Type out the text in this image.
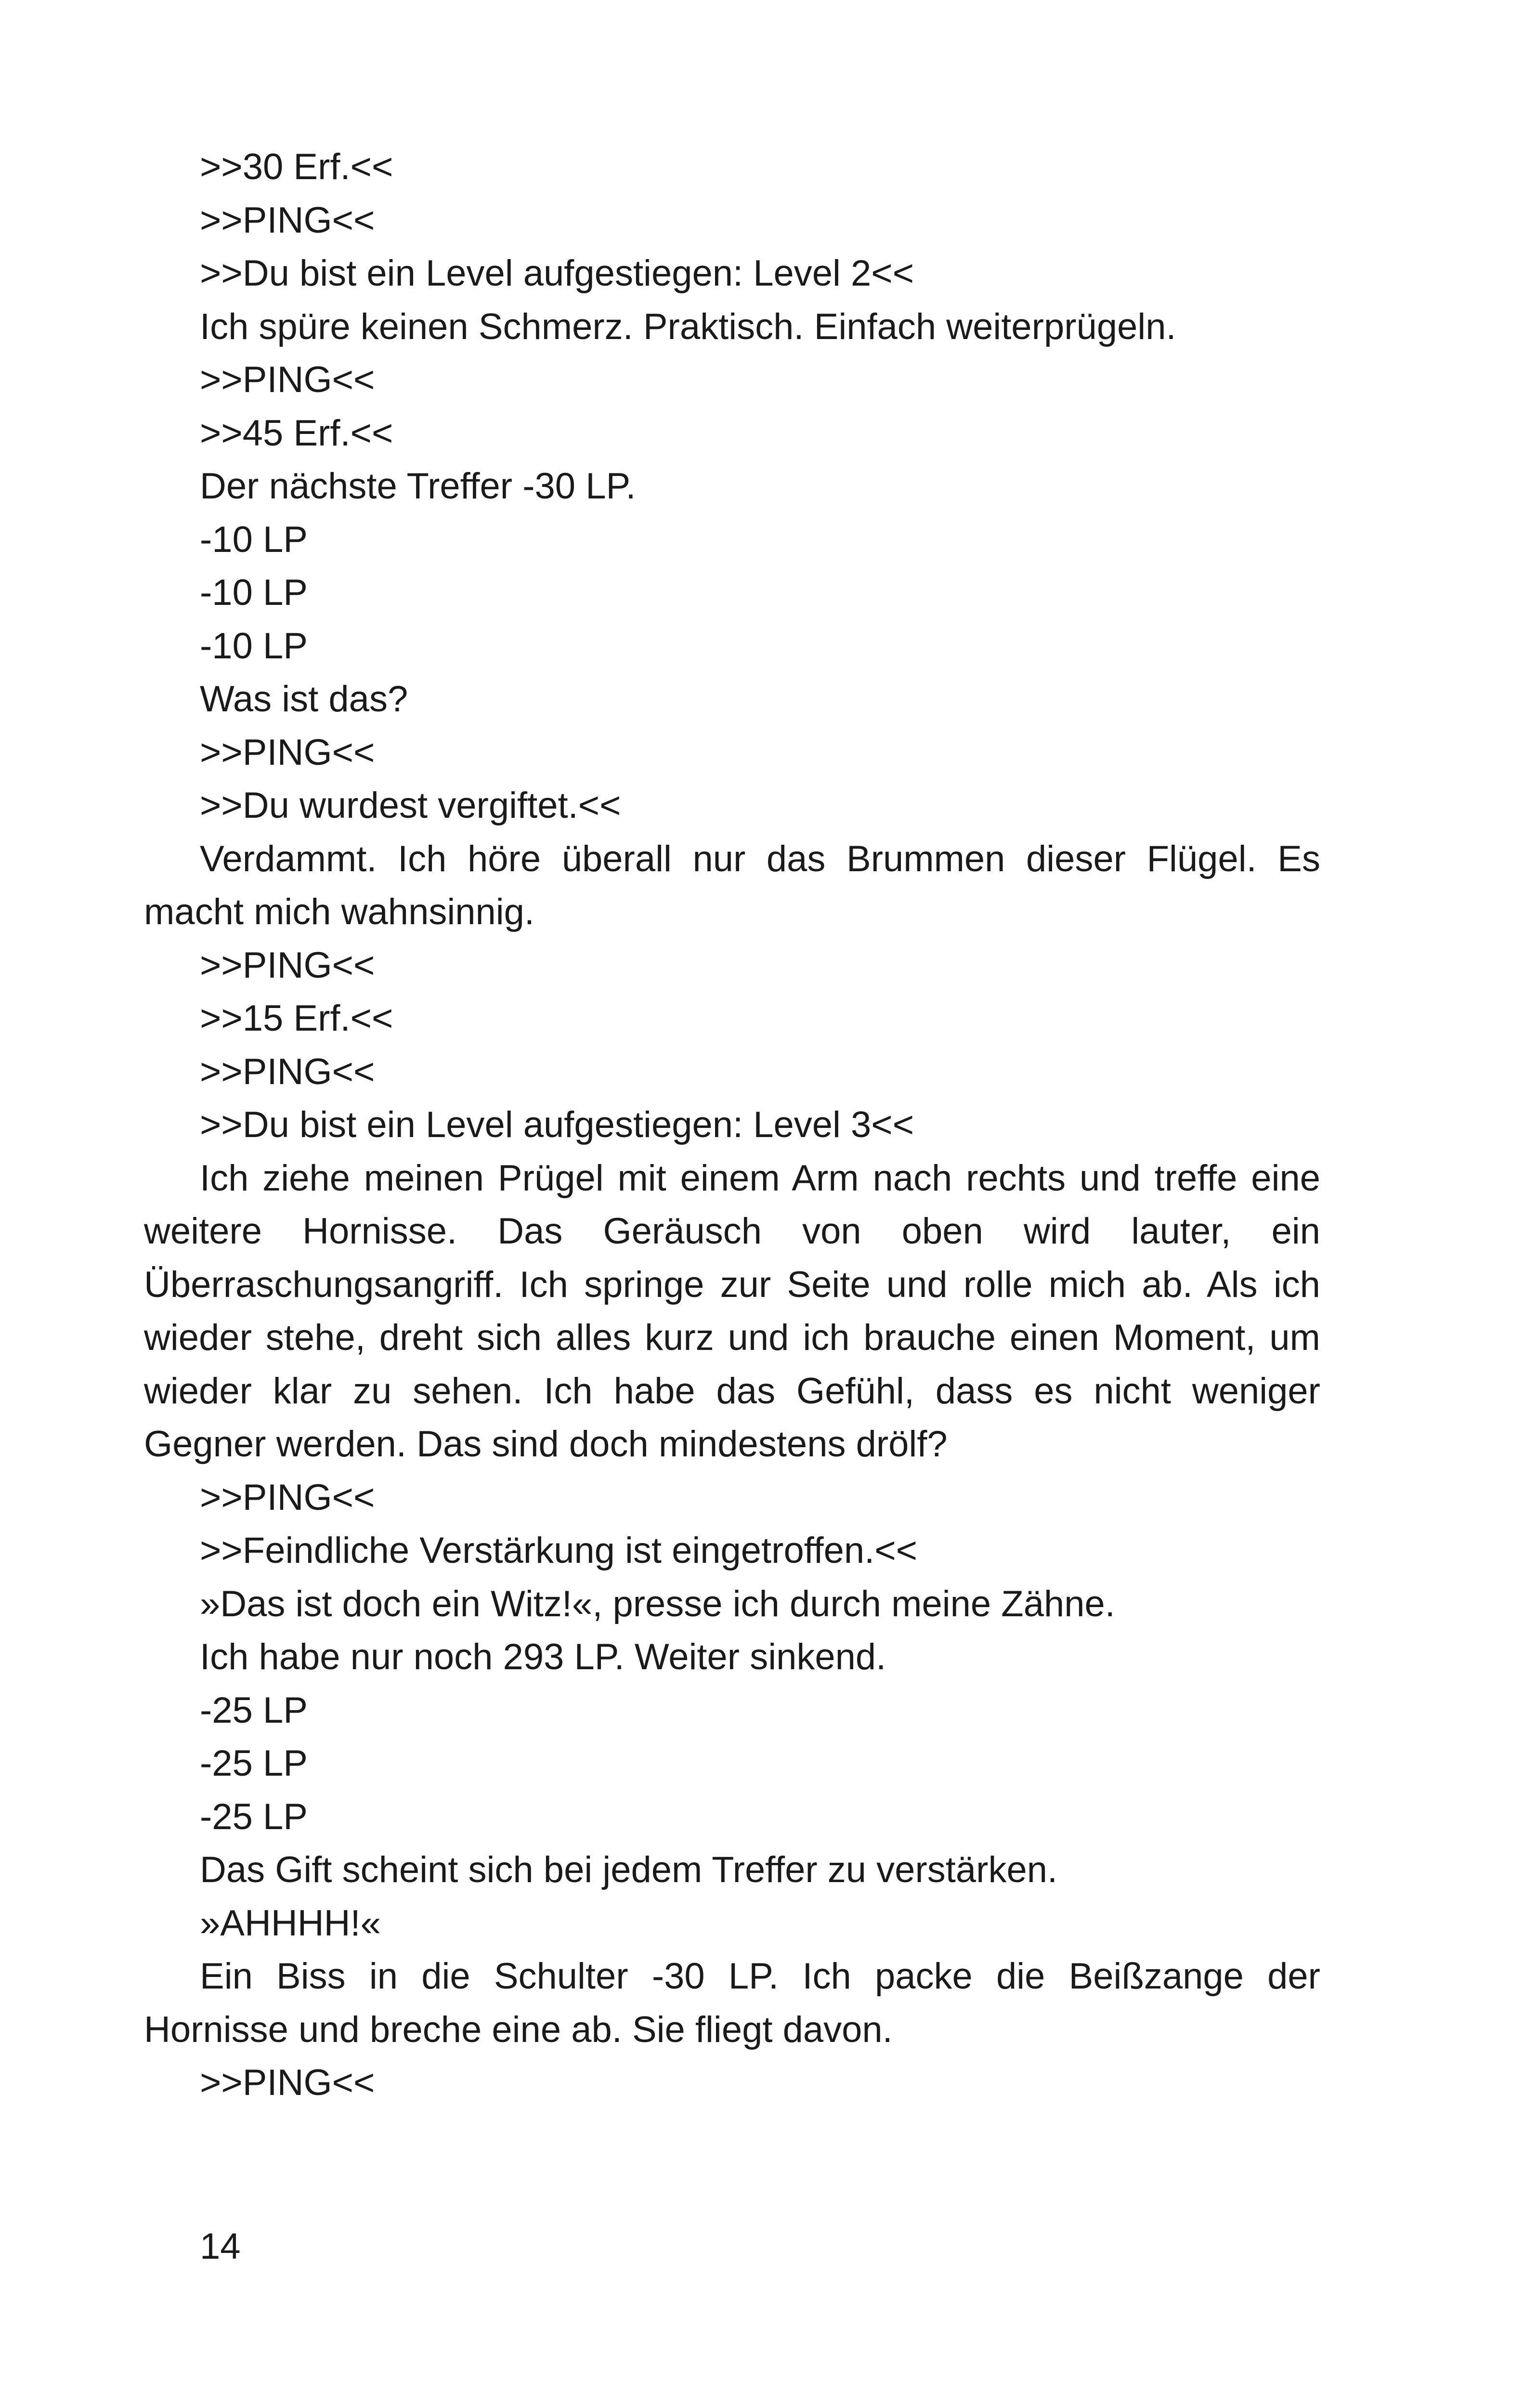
>>30 Erf.<<

>>PING<<

>>Du bist ein Level aufgestiegen: Level 2<<

Ich spüre keinen Schmerz. Praktisch. Einfach weiterprügeln.

>>PING<<

>>45 Erf.<<

Der nächste Treffer -30 LP.

-10 LP

-10 LP

-10 LP

Was ist das?

>>PING<<

>>Du wurdest vergiftet.<<

Verdammt. Ich höre überall nur das Brummen dieser Flügel. Es macht mich wahnsinnig.

>>PING<<

>>15 Erf.<<

>>PING<<

>>Du bist ein Level aufgestiegen: Level 3<<

Ich ziehe meinen Prügel mit einem Arm nach rechts und treffe eine weitere Hornisse. Das Geräusch von oben wird lauter, ein Überraschungsangriff. Ich springe zur Seite und rolle mich ab. Als ich wieder stehe, dreht sich alles kurz und ich brauche einen Moment, um wieder klar zu sehen. Ich habe das Gefühl, dass es nicht weniger Gegner werden. Das sind doch mindestens drölf?

>>PING<<

>>Feindliche Verstärkung ist eingetroffen.<<

»Das ist doch ein Witz!«, presse ich durch meine Zähne.

Ich habe nur noch 293 LP. Weiter sinkend.

-25 LP

-25 LP

-25 LP

Das Gift scheint sich bei jedem Treffer zu verstärken.

»AHHHH!«

Ein Biss in die Schulter -30 LP. Ich packe die Beißzange der Hornisse und breche eine ab. Sie fliegt davon.

>>PING<<

14
